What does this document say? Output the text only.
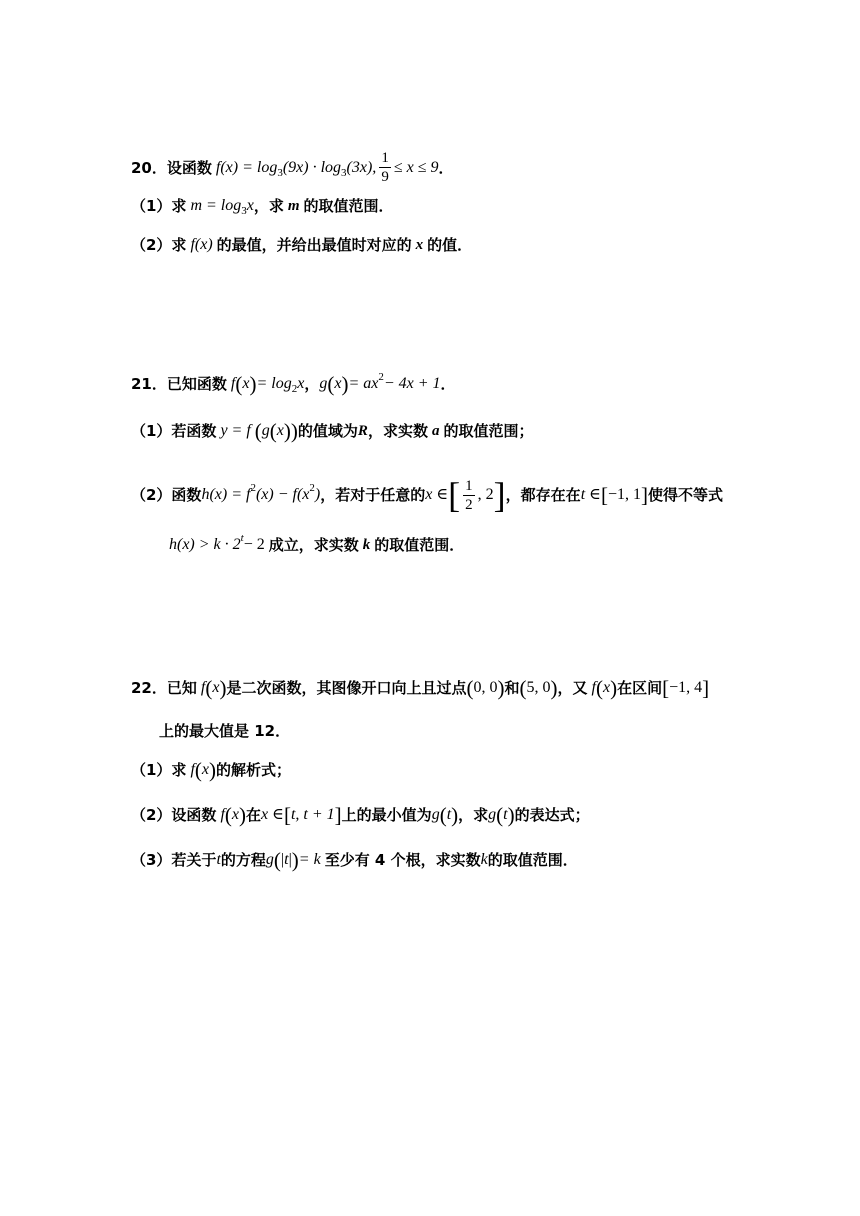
20． 设函数 f(x) = log 3 (9x) · log 3 (3x), $\frac{1}{9} \le x \le 9$ ．
（1）求 m = log 3 x ，求 m 的取值范围．
（2）求 f(x) 的最值，并给出最值时对应的 x 的值．
21． 已知函数 f ( x ) = log 2 x ， g ( x ) = ax 2 − 4x + 1 ．
（1）若函数 y = f ( g ( x )) 的值域为 R ，求实数 a 的取值范围；
（2）函数 h(x) = f 2 (x) − f(x 2 ) ，若对于任意的 x ∈ [ $\frac{1}{2}$ , 2 ] ，都存在在 t ∈ [ −1, 1 ] 使得不等式
h(x) > k · 2 t − 2 成立，求实数 k 的取值范围．
22． 已知 f ( x ) 是二次函数，其图像开口向上且过点 ( 0, 0 ) 和 ( 5, 0 ) ，又 f ( x ) 在区间 [ −1, 4 ]
上的最大值是 12．
（1）求 f ( x ) 的解析式；
（2）设函数 f ( x ) 在 x ∈ [ t, t + 1 ] 上的最小值为 g ( t ) ，求 g ( t ) 的表达式；
（3）若关于 t 的方程 g ( | t | ) = k 至少有 4 个根，求实数 k 的取值范围．
